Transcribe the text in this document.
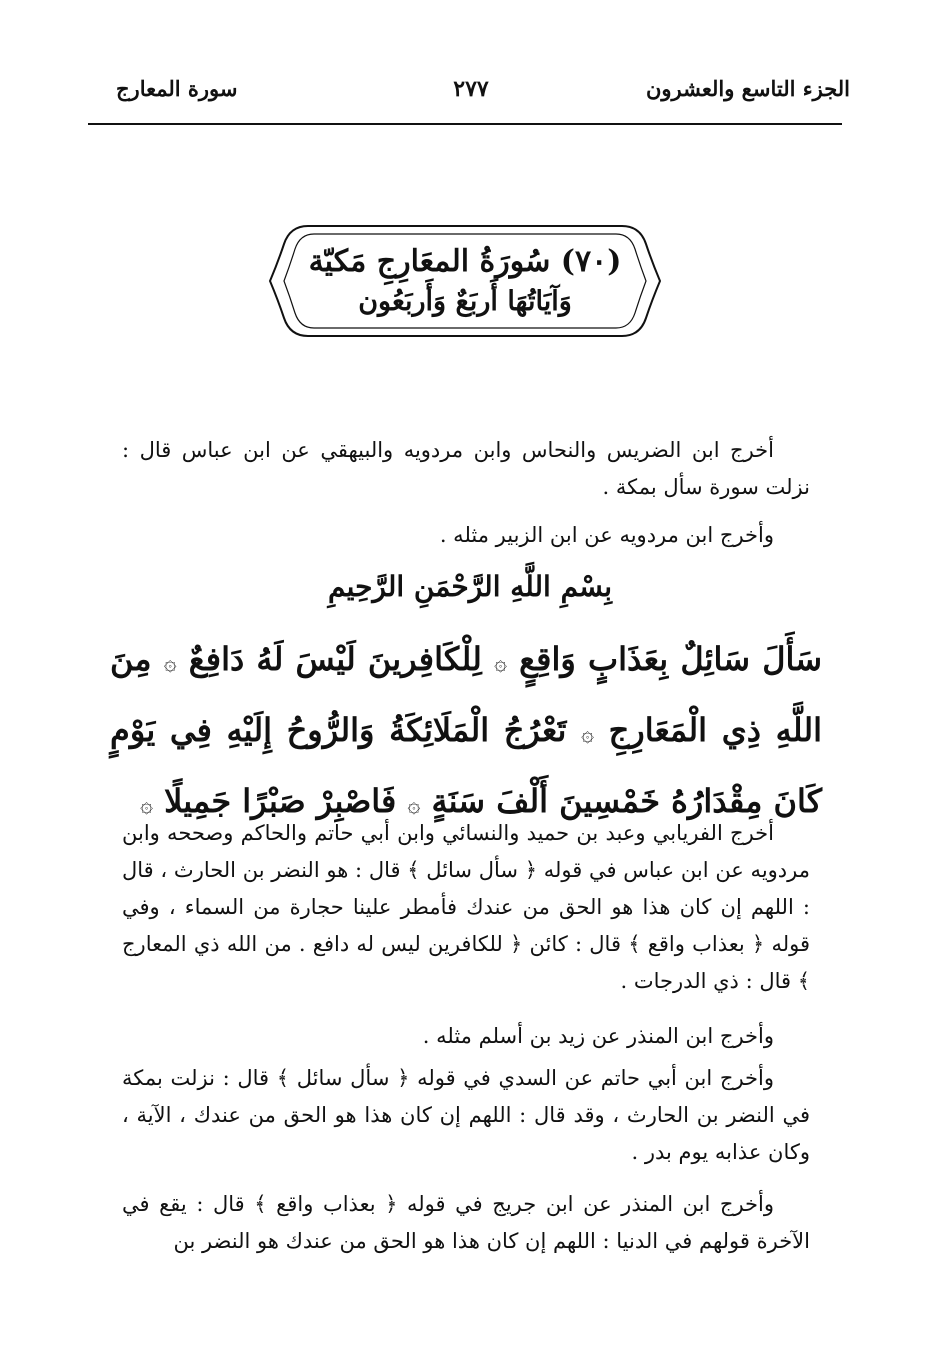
الجزء التاسع والعشرون
٢٧٧
سورة المعارج
(٧٠) سُورَةُ المعَارِجِ مَكيّة
وَآيَاتُهَا أَربَعٌ وَأَربَعُون
أخرج ابن الضريس والنحاس وابن مردويه والبيهقي عن ابن عباس قال : نزلت سورة سأل بمكة .
وأخرج ابن مردويه عن ابن الزبير مثله .
بِسْمِ اللَّهِ الرَّحْمَنِ الرَّحِيمِ
سَأَلَ سَائِلٌ بِعَذَابٍ وَاقِعٍ ۞ لِلْكَافِرينَ لَيْسَ لَهُ دَافِعٌ ۞ مِنَ اللَّهِ ذِي الْمَعَارِجِ ۞ تَعْرُجُ الْمَلَائِكَةُ وَالرُّوحُ إِلَيْهِ فِي يَوْمٍ كَانَ مِقْدَارُهُ خَمْسِينَ أَلْفَ سَنَةٍ ۞ فَاصْبِرْ صَبْرًا جَمِيلًا ۞
أخرج الفريابي وعبد بن حميد والنسائي وابن أبي حاتم والحاكم وصححه وابن مردويه عن ابن عباس في قوله ﴿ سأل سائل ﴾ قال : هو النضر بن الحارث ، قال : اللهم إن كان هذا هو الحق من عندك فأمطر علينا حجارة من السماء ، وفي قوله ﴿ بعذاب واقع ﴾ قال : كائن ﴿ للكافرين ليس له دافع . من الله ذي المعارج ﴾ قال : ذي الدرجات .
وأخرج ابن المنذر عن زيد بن أسلم مثله .
وأخرج ابن أبي حاتم عن السدي في قوله ﴿ سأل سائل ﴾ قال : نزلت بمكة في النضر بن الحارث ، وقد قال : اللهم إن كان هذا هو الحق من عندك ، الآية ، وكان عذابه يوم بدر .
وأخرج ابن المنذر عن ابن جريج في قوله ﴿ بعذاب واقع ﴾ قال : يقع في الآخرة قولهم في الدنيا : اللهم إن كان هذا هو الحق من عندك هو النضر بن
